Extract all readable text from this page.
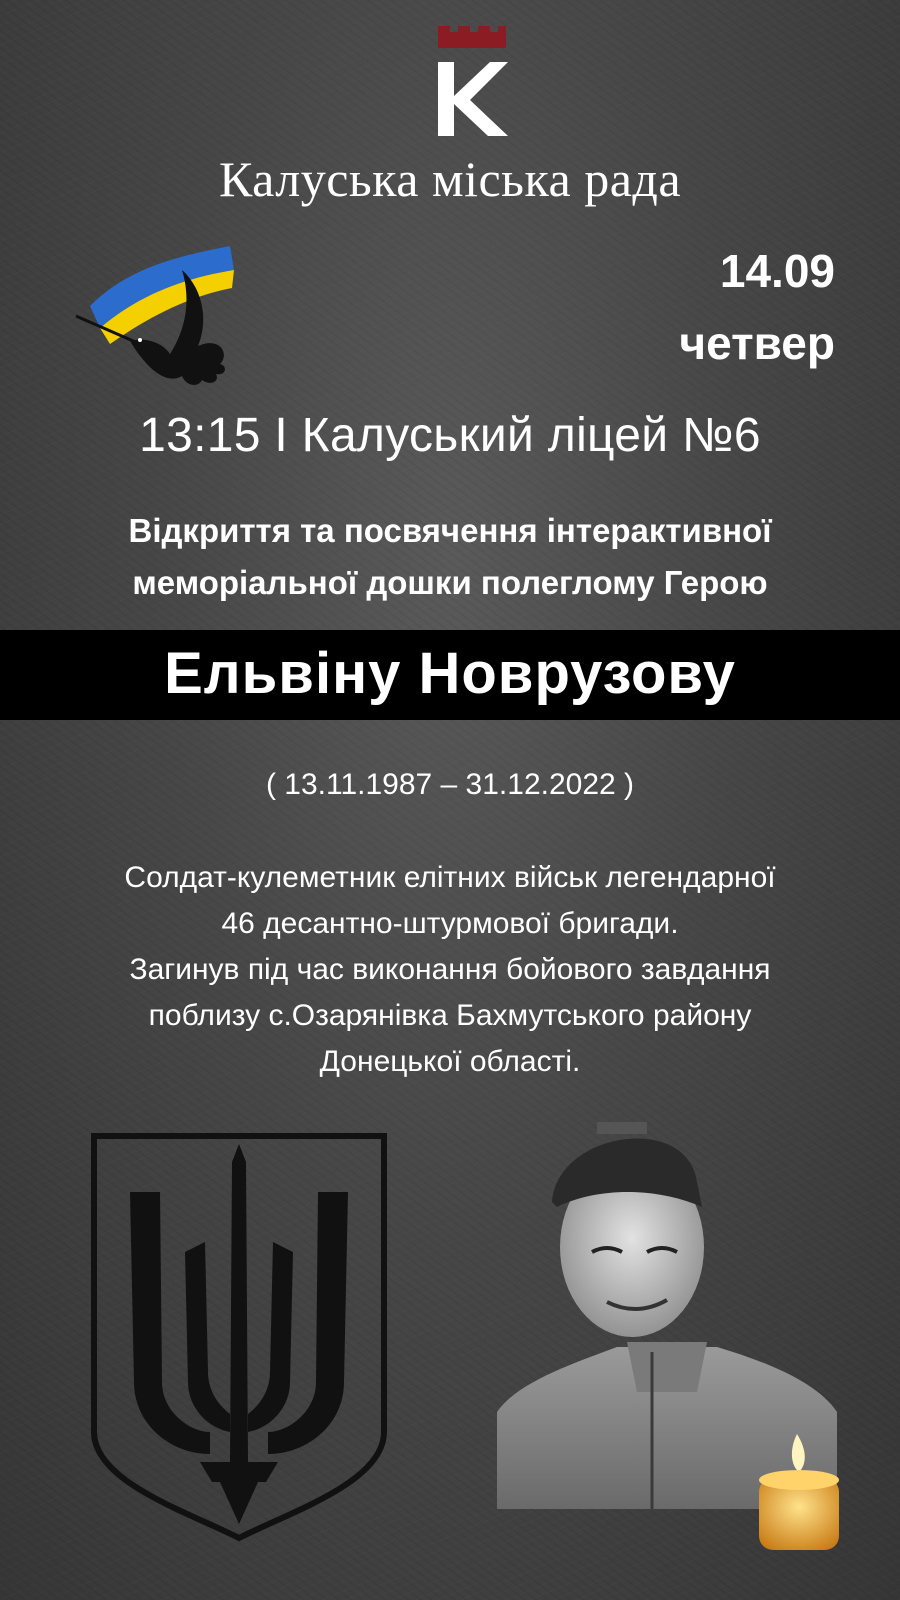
Калуська міська рада
14.09
четвер
13:15 І Калуський ліцей №6
Відкриття та посвячення інтерактивної
меморіальної дошки полеглому Герою
Ельвіну Новрузову
( 13.11.1987 – 31.12.2022 )
Солдат-кулеметник елітних військ легендарної
46 десантно-штурмової бригади.
Загинув під час виконання бойового завдання
поблизу с.Озарянівка Бахмутського району
Донецької області.
